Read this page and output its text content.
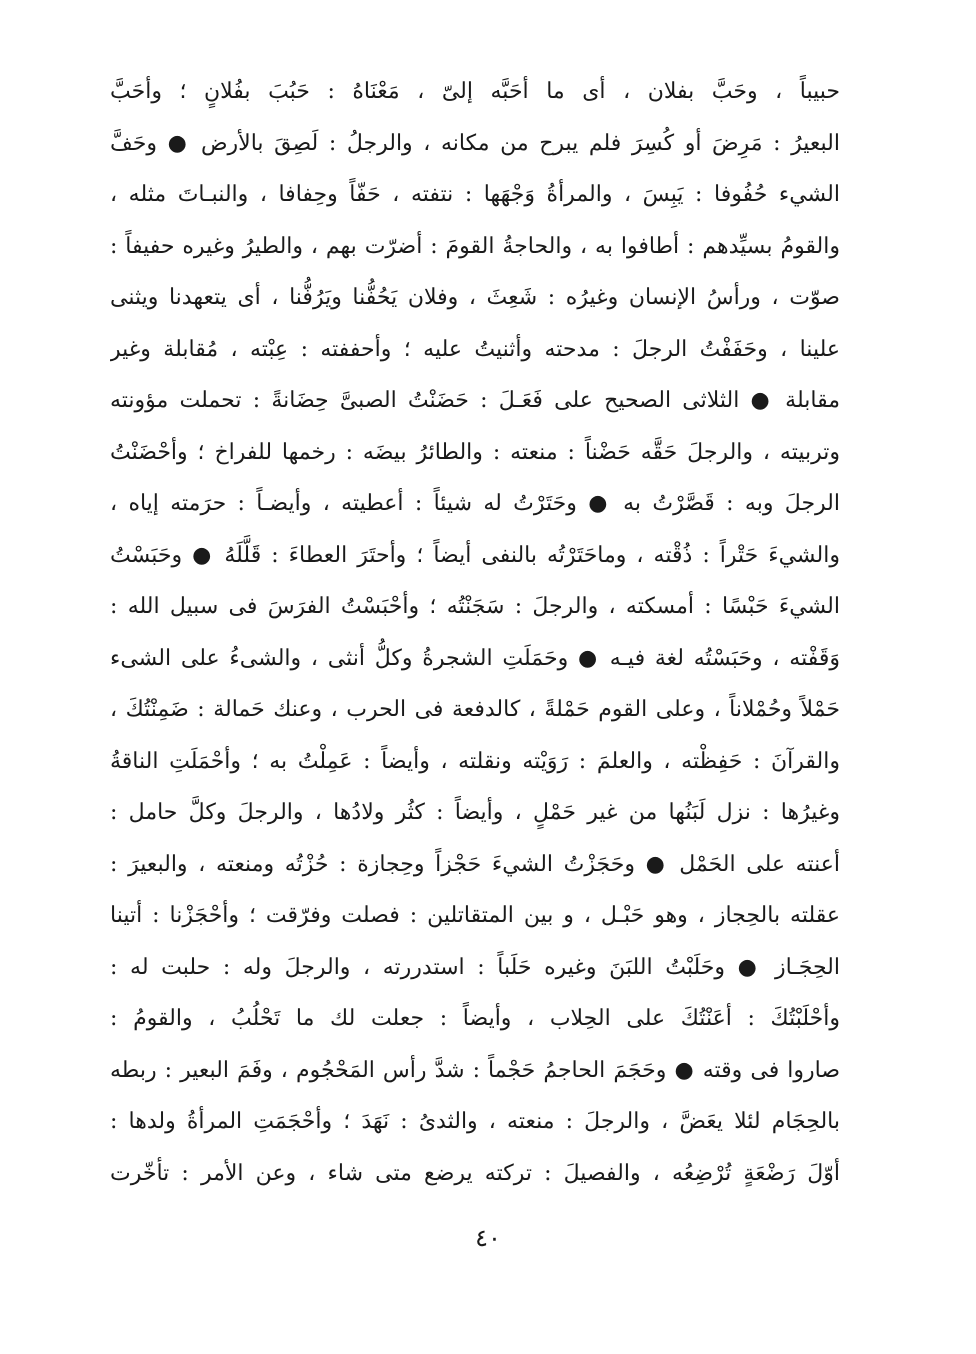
حبيباً ، وحَبَّ بفلان ، أى ما أحَبَّه إلىّ ، مَعْنَاهُ : حَبُبَ بفُلانٍ ؛ وأحَبَّ
البعيرُ : مَرِضَ أو كُسِرَ فلم يبرح من مكانه ، والرجلُ : لَصِقَ بالأرض ● وحَفَّ
الشيء حُفُوفا : يَبِسَ ، والمرأةُ وَجْهَها : نتفته ، حَفّاً وحِفافا ، والنبـاتَ مثله ،
والقومُ بسيِّدهم : أطافوا به ، والحاجةُ القومَ : أضرّت بهم ، والطيرُ وغيره حفيفاً :
صوّت ، ورأسُ الإنسان وغيرُه : شَعِثَ ، وفلان يَحُفُّنا ويَرُفُّنا ، أى يتعهدنا ويثنى
علينا ، وحَفَفْتُ الرجلَ : مدحته وأثنيتُ عليه ؛ وأحففته : عِبْته ، مُقابلة وغير
مقابلة ● الثلاثى الصحيح على فَعَـلَ : حَضَنْتُ الصبىَّ حِضَانةً : تحملت مؤونته
وتربيته ، والرجلَ حَقَّه حَضْناً : منعته : والطائرُ بيضَه : رخمها للفراخ ؛ وأحْضَنْتُ
الرجلَ وبه : قَصَّرْتُ به ● وحَتَرْتُ له شيئاً : أعطيته ، وأيضـاً : حرَمته إياه ،
والشيءَ حَتْراً : ذُقْته ، وماحَتَرْتُه بالنفى أيضاً ؛ وأحتَرَ العطاءَ : قَلَّلَهُ ● وحَبَسْتُ
الشيءَ حَبْسًا : أمسكته ، والرجلَ : سَجَنْتُه ؛ وأحْبَسْتُ الفرَسَ فى سبيل الله :
وَقَفْته ، وحَبَسْتُه لغة فيـه ● وحَمَلَتِ الشجرةُ وكلُّ أنثى ، والشىءُ على الشىء
حَمْلاً وحُمْلاناً ، وعلى القوم حَمْلةً ، كالدفعة فى الحرب ، وعنك حَمالة : ضَمِنْتُكَ ،
والقرآنَ : حَفِظْته ، والعلمَ : رَوَيْته ونقلته ، وأيضاً : عَمِلْتُ به ؛ وأحْمَلَتِ الناقةُ
وغيرُها : نزل لَبَنُها من غير حَمْلٍ ، وأيضاً : كثُر ولادُها ، والرجلَ وكلَّ حامل :
أعنته على الحَمْل ● وحَجَزْتُ الشيءَ حَجْزاً وحِجازة : حُزْتُه ومنعته ، والبعيرَ :
عقلته بالحِجاز ، وهو حَبْـل ، و بين المتقاتلين : فصلت وفرّقت ؛ وأحْجَزْنا : أتينا
الحِجَـاز ● وحَلَبْتُ اللبَنَ وغيره حَلَباً : استدررته ، والرجلَ وله : حلبت له :
وأحْلَبْتُكَ : أعَنْتُكَ على الحِلاب ، وأيضاً : جعلت لك ما تَحْلُبُ ، والقومُ :
صاروا فى وقته ● وحَجَمَ الحاجمُ حَجْماً : شدَّ رأس المَحْجُوم ، وفَمَ البعير : ربطه
بالحِجَام لئلا يعَضَّ ، والرجلَ : منعته ، والثدىُ : نَهَدَ ؛ وأحْجَمَتِ المرأةُ ولدها :
أوّلَ رَضْعَةٍ تُرْضِعُه ، والفصيلَ : تركته يرضع متى شاء ، وعن الأمر : تأخّرت
٤٠
